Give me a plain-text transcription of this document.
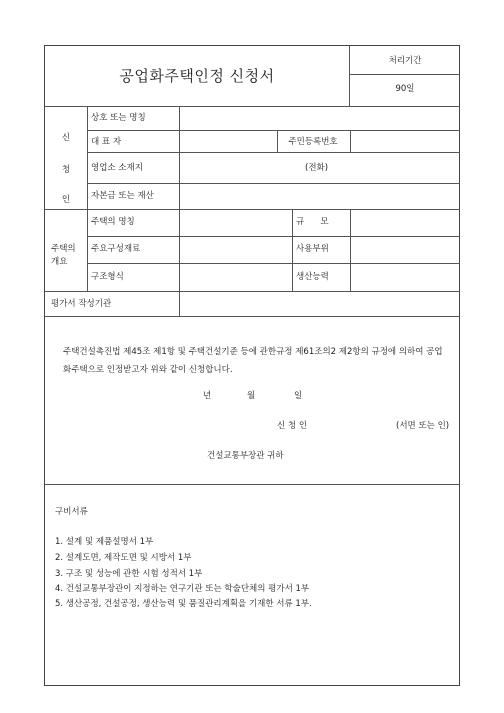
공업화주택인정 신청서
처리기간
90일
신
청
인
상호 또는 명칭
대 표 자	주민등록번호
영업소 소재지	(전화)
자본금 또는 재산
주택의
개요
주택의 명칭	규      모
주요구성재료	사용부위
구조형식	생산능력
평가서 작성기관
주택건설촉진법 제45조 제1항 및 주택건설기준 등에 관한규정 제61조의2 제2항의 규정에 의하여 공업화주택으로 인정받고자 위와 같이 신청합니다.
년	월	일
신 청 인	(서면 또는 인)
건설교통부장관 귀하
구비서류
1. 설계 및 제품설명서 1부
2. 설계도면, 제작도면 및 시방서 1부
3. 구조 및 성능에 관한 시험 성적서 1부
4. 건설교통부장관이 지정하는 연구기관 또는 학술단체의 평가서 1부
5. 생산공정, 건설공정, 생산능력 및 품질관리계획을 기재한 서류 1부.
